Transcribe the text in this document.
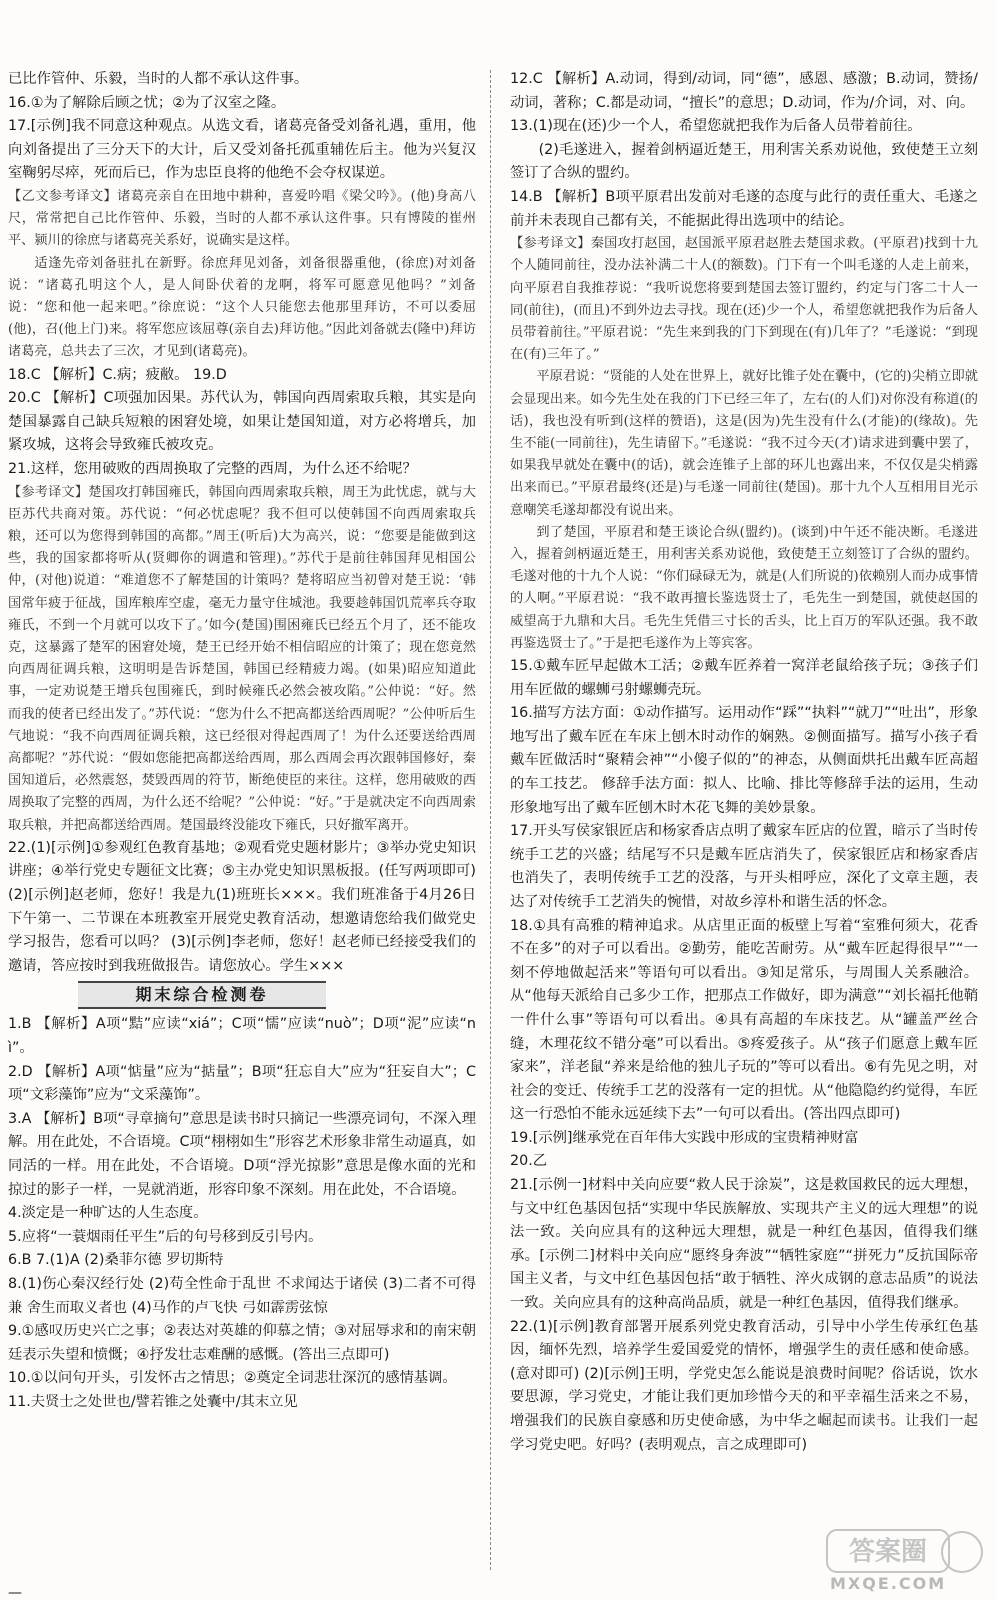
已比作管仲、乐毅，当时的人都不承认这件事。

16.①为了解除后顾之忧；②为了汉室之隆。

17.[示例]我不同意这种观点。从选文看，诸葛亮备受刘备礼遇，重用，他向刘备提出了三分天下的大计，后又受刘备托孤重辅佐后主。他为兴复汉室鞠躬尽瘁，死而后已，作为忠臣良将的他绝不会夺权谋逆。

【乙文参考译文】诸葛亮亲自在田地中耕种，喜爱吟唱《梁父吟》。(他)身高八尺，常常把自己比作管仲、乐毅，当时的人都不承认这件事。只有博陵的崔州平、颍川的徐庶与诸葛亮关系好，说确实是这样。

适逢先帝刘备驻扎在新野。徐庶拜见刘备，刘备很器重他，(徐庶)对刘备说：“诸葛孔明这个人，是人间卧伏着的龙啊，将军可愿意见他吗？”刘备说：“您和他一起来吧。”徐庶说：“这个人只能您去他那里拜访，不可以委屈(他)，召(他上门)来。将军您应该屈尊(亲自去)拜访他。”因此刘备就去(隆中)拜访诸葛亮，总共去了三次，才见到(诸葛亮)。

18.C 【解析】C.病；疲敝。 19.D

20.C 【解析】C项强加因果。苏代认为，韩国向西周索取兵粮，其实是向楚国暴露自己缺兵短粮的困窘处境，如果让楚国知道，对方必将增兵，加紧攻城，这将会导致雍氏被攻克。

21.这样，您用破败的西周换取了完整的西周，为什么还不给呢？

【参考译文】楚国攻打韩国雍氏，韩国向西周索取兵粮，周王为此忧虑，就与大臣苏代共商对策。苏代说：“何必忧虑呢？我不但可以使韩国不向西周索取兵粮，还可以为您得到韩国的高都。”周王(听后)大为高兴，说：“您要是能做到这些，我的国家都将听从(贤卿你的调遣和管理)。”苏代于是前往韩国拜见相国公仲，(对他)说道：“难道您不了解楚国的计策吗？楚将昭应当初曾对楚王说：‘韩国常年疲于征战，国库粮库空虚，毫无力量守住城池。我要趁韩国饥荒率兵夺取雍氏，不到一个月就可以攻下了。’如今(楚国)围困雍氏已经五个月了，还不能攻克，这暴露了楚军的困窘处境，楚王已经开始不相信昭应的计策了；现在您竟然向西周征调兵粮，这明明是告诉楚国，韩国已经精疲力竭。(如果)昭应知道此事，一定劝说楚王增兵包围雍氏，到时候雍氏必然会被攻陷。”公仲说：“好。然而我的使者已经出发了。”苏代说：“您为什么不把高都送给西周呢？”公仲听后生气地说：“我不向西周征调兵粮，这已经很对得起西周了！为什么还要送给西周高都呢？”苏代说：“假如您能把高都送给西周，那么西周会再次跟韩国修好，秦国知道后，必然震怒，焚毁西周的符节，断绝使臣的来往。这样，您用破败的西周换取了完整的西周，为什么还不给呢？”公仲说：“好。”于是就决定不向西周索取兵粮，并把高都送给西周。楚国最终没能攻下雍氏，只好撤军离开。

22.(1)[示例]①参观红色教育基地；②观看党史题材影片；③举办党史知识讲座；④举行党史专题征文比赛；⑤主办党史知识黑板报。(任写两项即可) (2)[示例]赵老师，您好！我是九(1)班班长×××。我们班准备于4月26日下午第一、二节课在本班教室开展党史教育活动，想邀请您给我们做党史学习报告，您看可以吗？ (3)[示例]李老师，您好！赵老师已经接受我们的邀请，答应按时到我班做报告。请您放心。学生×××

期末综合检测卷

1.B 【解析】A项“黠”应读“xiá”；C项“懦”应读“nuò”；D项“泥”应读“nì”。

2.D 【解析】A项“惦量”应为“掂量”；B项“狂忘自大”应为“狂妄自大”；C项“文彩藻饰”应为“文采藻饰”。

3.A 【解析】B项“寻章摘句”意思是读书时只摘记一些漂亮词句，不深入理解。用在此处，不合语境。C项“栩栩如生”形容艺术形象非常生动逼真，如同活的一样。用在此处，不合语境。D项“浮光掠影”意思是像水面的光和掠过的影子一样，一晃就消逝，形容印象不深刻。用在此处，不合语境。

4.淡定是一种旷达的人生态度。

5.应将“一蓑烟雨任平生”后的句号移到反引号内。

6.B 7.(1)A (2)桑菲尔德 罗切斯特

8.(1)伤心秦汉经行处 (2)苟全性命于乱世 不求闻达于诸侯 (3)二者不可得兼 舍生而取义者也 (4)马作的卢飞快 弓如霹雳弦惊

9.①感叹历史兴亡之事；②表达对英雄的仰慕之情；③对屈辱求和的南宋朝廷表示失望和愤慨；④抒发壮志难酬的感慨。(答出三点即可)

10.①以问句开头，引发怀古之情思；②奠定全词悲壮深沉的感情基调。

11.夫贤士之处世也/譬若锥之处囊中/其末立见

12.C 【解析】A.动词，得到/动词，同“德”，感恩、感激；B.动词，赞扬/动词，著称；C.都是动词，“擅长”的意思；D.动词，作为/介词，对、向。

13.(1)现在(还)少一个人，希望您就把我作为后备人员带着前往。

(2)毛遂进入，握着剑柄逼近楚王，用利害关系劝说他，致使楚王立刻签订了合纵的盟约。

14.B 【解析】B项平原君出发前对毛遂的态度与此行的责任重大、毛遂之前并未表现自己都有关，不能据此得出选项中的结论。

【参考译文】秦国攻打赵国，赵国派平原君赵胜去楚国求救。(平原君)找到十九个人随同前往，没办法补满二十人(的额数)。门下有一个叫毛遂的人走上前来，向平原君自我推荐说：“我听说您将要到楚国去签订盟约，约定与门客二十人一同(前往)，(而且)不到外边去寻找。现在(还)少一个人，希望您就把我作为后备人员带着前往。”平原君说：“先生来到我的门下到现在(有)几年了？”毛遂说：“到现在(有)三年了。”

平原君说：“贤能的人处在世界上，就好比锥子处在囊中，(它的)尖梢立即就会显现出来。如今先生处在我的门下已经三年了，左右(的人们)对你没有称道(的话)，我也没有听到(这样的赞语)，这是(因为)先生没有什么(才能)的(缘故)。先生不能(一同前往)，先生请留下。”毛遂说：“我不过今天(才)请求进到囊中罢了，如果我早就处在囊中(的话)，就会连锥子上部的环儿也露出来，不仅仅是尖梢露出来而已。”平原君最终(还是)与毛遂一同前往(楚国)。那十九个人互相用目光示意嘲笑毛遂却都没有说出来。

到了楚国，平原君和楚王谈论合纵(盟约)。(谈到)中午还不能决断。毛遂进入，握着剑柄逼近楚王，用利害关系劝说他，致使楚王立刻签订了合纵的盟约。毛遂对他的十九个人说：“你们碌碌无为，就是(人们所说的)依赖别人而办成事情的人啊。”平原君说：“我不敢再擅长鉴选贤士了，毛先生一到楚国，就使赵国的威望高于九鼎和大吕。毛先生凭借三寸长的舌头，比上百万的军队还强。我不敢再鉴选贤士了。”于是把毛遂作为上等宾客。

15.①戴车匠早起做木工活；②戴车匠养着一窝洋老鼠给孩子玩；③孩子们用车匠做的螺蛳弓射螺蛳壳玩。

16.描写方法方面：①动作描写。运用动作“踩”“执料”“就刀”“吐出”，形象地写出了戴车匠在车床上刨木时动作的娴熟。②侧面描写。描写小孩子看戴车匠做活时“聚精会神”“小傻子似的”的神态，从侧面烘托出戴车匠高超的车工技艺。 修辞手法方面：拟人、比喻、排比等修辞手法的运用，生动形象地写出了戴车匠刨木时木花飞舞的美妙景象。

17.开头写侯家银匠店和杨家香店点明了戴家车匠店的位置，暗示了当时传统手工艺的兴盛；结尾写不只是戴车匠店消失了，侯家银匠店和杨家香店也消失了，表明传统手工艺的没落，与开头相呼应，深化了文章主题，表达了对传统手工艺消失的惋惜，对故乡淳朴和谐生活的怀念。

18.①具有高雅的精神追求。从店里正面的板壁上写着“室雅何须大，花香不在多”的对子可以看出。②勤劳，能吃苦耐劳。从“戴车匠起得很早”“一刻不停地做起活来”等语句可以看出。③知足常乐，与周围人关系融洽。从“他每天派给自己多少工作，把那点工作做好，即为满意”“刘长福托他鞘一件什么事”等语句可以看出。④具有高超的车床技艺。从“罐盖严丝合缝，木理花纹不错分毫”可以看出。⑤疼爱孩子。从“孩子们愿意上戴车匠家来”，洋老鼠“养来是给他的独儿子玩的”等可以看出。⑥有先见之明，对社会的变迁、传统手工艺的没落有一定的担忧。从“他隐隐约约觉得，车匠这一行恐怕不能永远延续下去”一句可以看出。(答出四点即可)

19.[示例]继承党在百年伟大实践中形成的宝贵精神财富

20.乙

21.[示例一]材料中关向应要“救人民于涂炭”，这是救国救民的远大理想，与文中红色基因包括“实现中华民族解放、实现共产主义的远大理想”的说法一致。关向应具有的这种远大理想，就是一种红色基因，值得我们继承。[示例二]材料中关向应“愿终身奔波”“牺牲家庭”“拼死力”反抗国际帝国主义者，与文中红色基因包括“敢于牺牲、淬火成钢的意志品质”的说法一致。关向应具有的这种高尚品质，就是一种红色基因，值得我们继承。

22.(1)[示例]教育部署开展系列党史教育活动，引导中小学生传承红色基因，缅怀先烈，培养学生爱国爱党的情怀，增强学生的责任感和使命感。(意对即可) (2)[示例]王明，学党史怎么能说是浪费时间呢？俗话说，饮水要思源，学习党史，才能让我们更加珍惜今天的和平幸福生活来之不易，增强我们的民族自豪感和历史使命感，为中华之崛起而读书。让我们一起学习党史吧。好吗？(表明观点，言之成理即可)

—
答案圈
MXQE.COM
